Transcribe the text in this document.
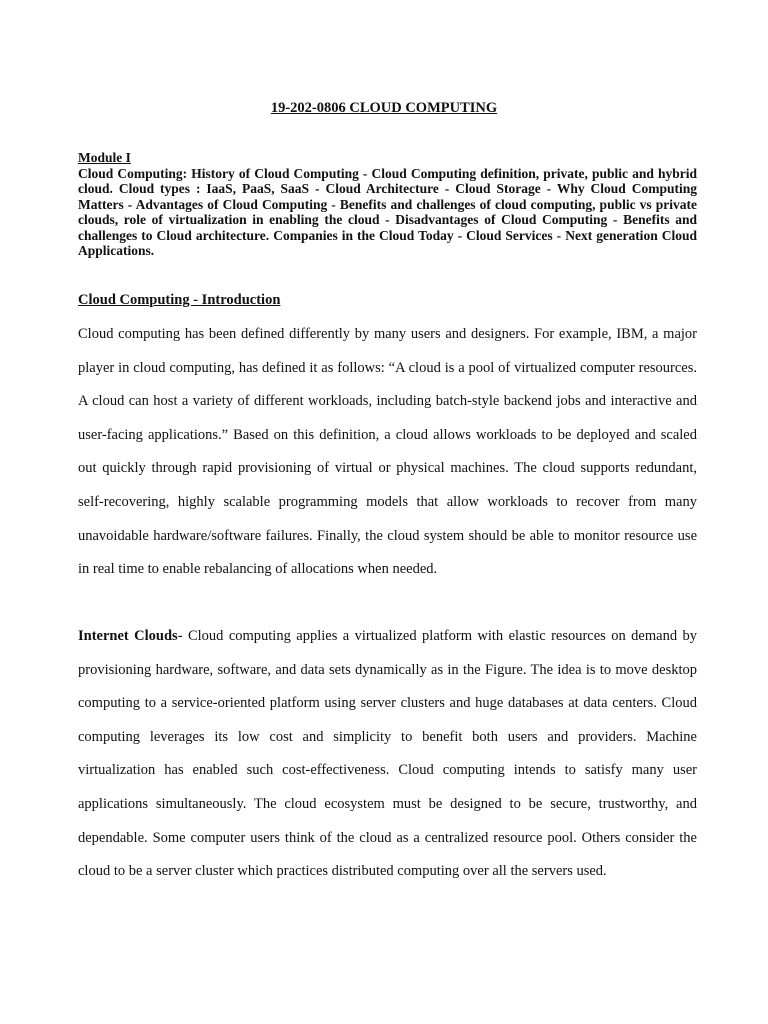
19-202-0806 CLOUD COMPUTING
Module I

Cloud Computing: History of Cloud Computing - Cloud Computing definition, private, public and hybrid cloud. Cloud types : IaaS, PaaS, SaaS - Cloud Architecture - Cloud Storage - Why Cloud Computing Matters - Advantages of Cloud Computing - Benefits and challenges of cloud computing, public vs private clouds, role of virtualization in enabling the cloud - Disadvantages of Cloud Computing - Benefits and challenges to Cloud architecture. Companies in the Cloud Today - Cloud Services - Next generation Cloud Applications.

Cloud Computing - Introduction

Cloud computing has been defined differently by many users and designers. For example, IBM, a major player in cloud computing, has defined it as follows: “A cloud is a pool of virtualized computer resources. A cloud can host a variety of different workloads, including batch-style backend jobs and interactive and user-facing applications.” Based on this definition, a cloud allows workloads to be deployed and scaled out quickly through rapid provisioning of virtual or physical machines. The cloud supports redundant, self-recovering, highly scalable programming models that allow workloads to recover from many unavoidable hardware/software failures. Finally, the cloud system should be able to monitor resource use in real time to enable rebalancing of allocations when needed.

Internet Clouds- Cloud computing applies a virtualized platform with elastic resources on demand by provisioning hardware, software, and data sets dynamically as in the Figure. The idea is to move desktop computing to a service-oriented platform using server clusters and huge databases at data centers. Cloud computing leverages its low cost and simplicity to benefit both users and providers. Machine virtualization has enabled such cost-effectiveness. Cloud computing intends to satisfy many user applications simultaneously. The cloud ecosystem must be designed to be secure, trustworthy, and dependable. Some computer users think of the cloud as a centralized resource pool. Others consider the cloud to be a server cluster which practices distributed computing over all the servers used.
